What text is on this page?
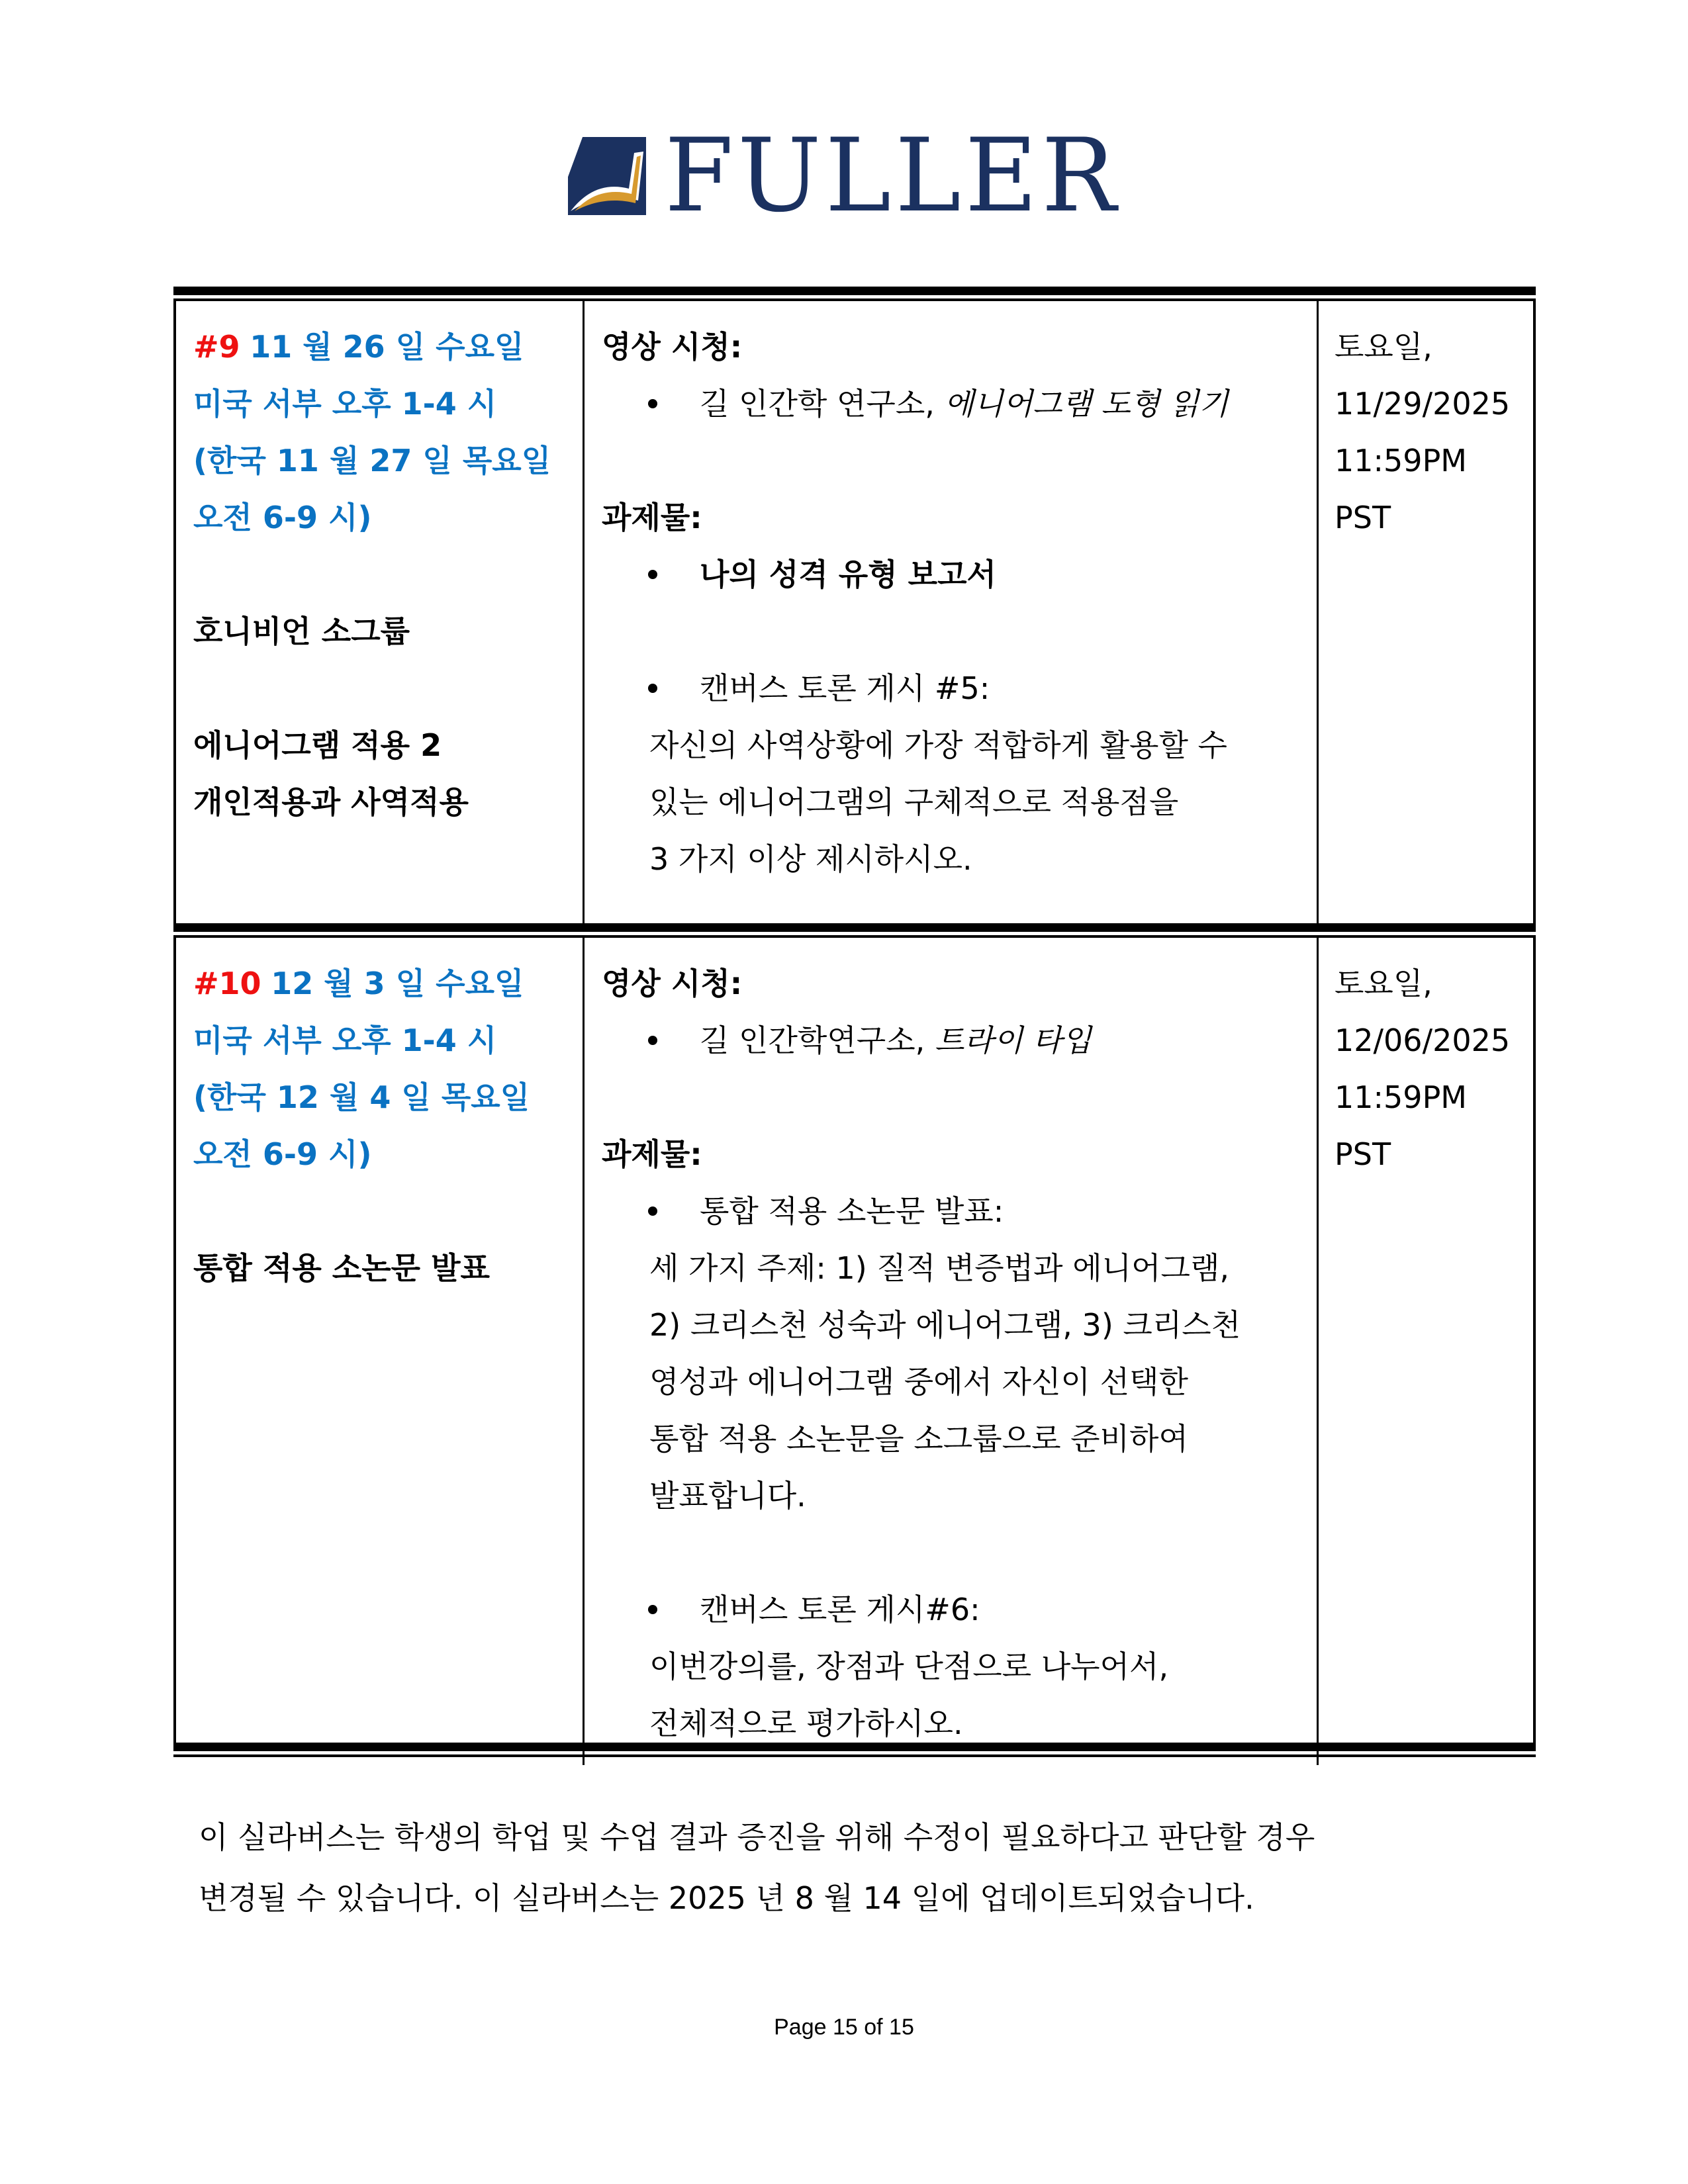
FULLER
#9 11 월 26 일 수요일
미국 서부 오후 1-4 시
(한국 11 월 27 일 목요일
오전 6-9 시)
호니비언 소그룹
에니어그램 적용 2
개인적용과 사역적용
영상 시청:
길 인간학 연구소, 에니어그램 도형 읽기
과제물:
나의 성격 유형 보고서
캔버스 토론 게시 #5:
자신의 사역상황에 가장 적합하게 활용할 수
있는 에니어그램의 구체적으로 적용점을
3 가지 이상 제시하시오.
토요일,
11/29/2025
11:59PM
PST
#10 12 월 3 일 수요일
미국 서부 오후 1-4 시
(한국 12 월 4 일 목요일
오전 6-9 시)
통합 적용 소논문 발표
영상 시청:
길 인간학연구소, 트라이 타입
과제물:
통합 적용 소논문 발표:
세 가지 주제: 1) 질적 변증법과 에니어그램,
2) 크리스천 성숙과 에니어그램, 3) 크리스천
영성과 에니어그램 중에서 자신이 선택한
통합 적용 소논문을 소그룹으로 준비하여
발표합니다.
캔버스 토론 게시#6:
이번강의를, 장점과 단점으로 나누어서,
전체적으로 평가하시오.
토요일,
12/06/2025
11:59PM
PST
이 실라버스는 학생의 학업 및 수업 결과 증진을 위해 수정이 필요하다고 판단할 경우
변경될 수 있습니다. 이 실라버스는 2025 년 8 월 14 일에 업데이트되었습니다.
Page 15 of 15
